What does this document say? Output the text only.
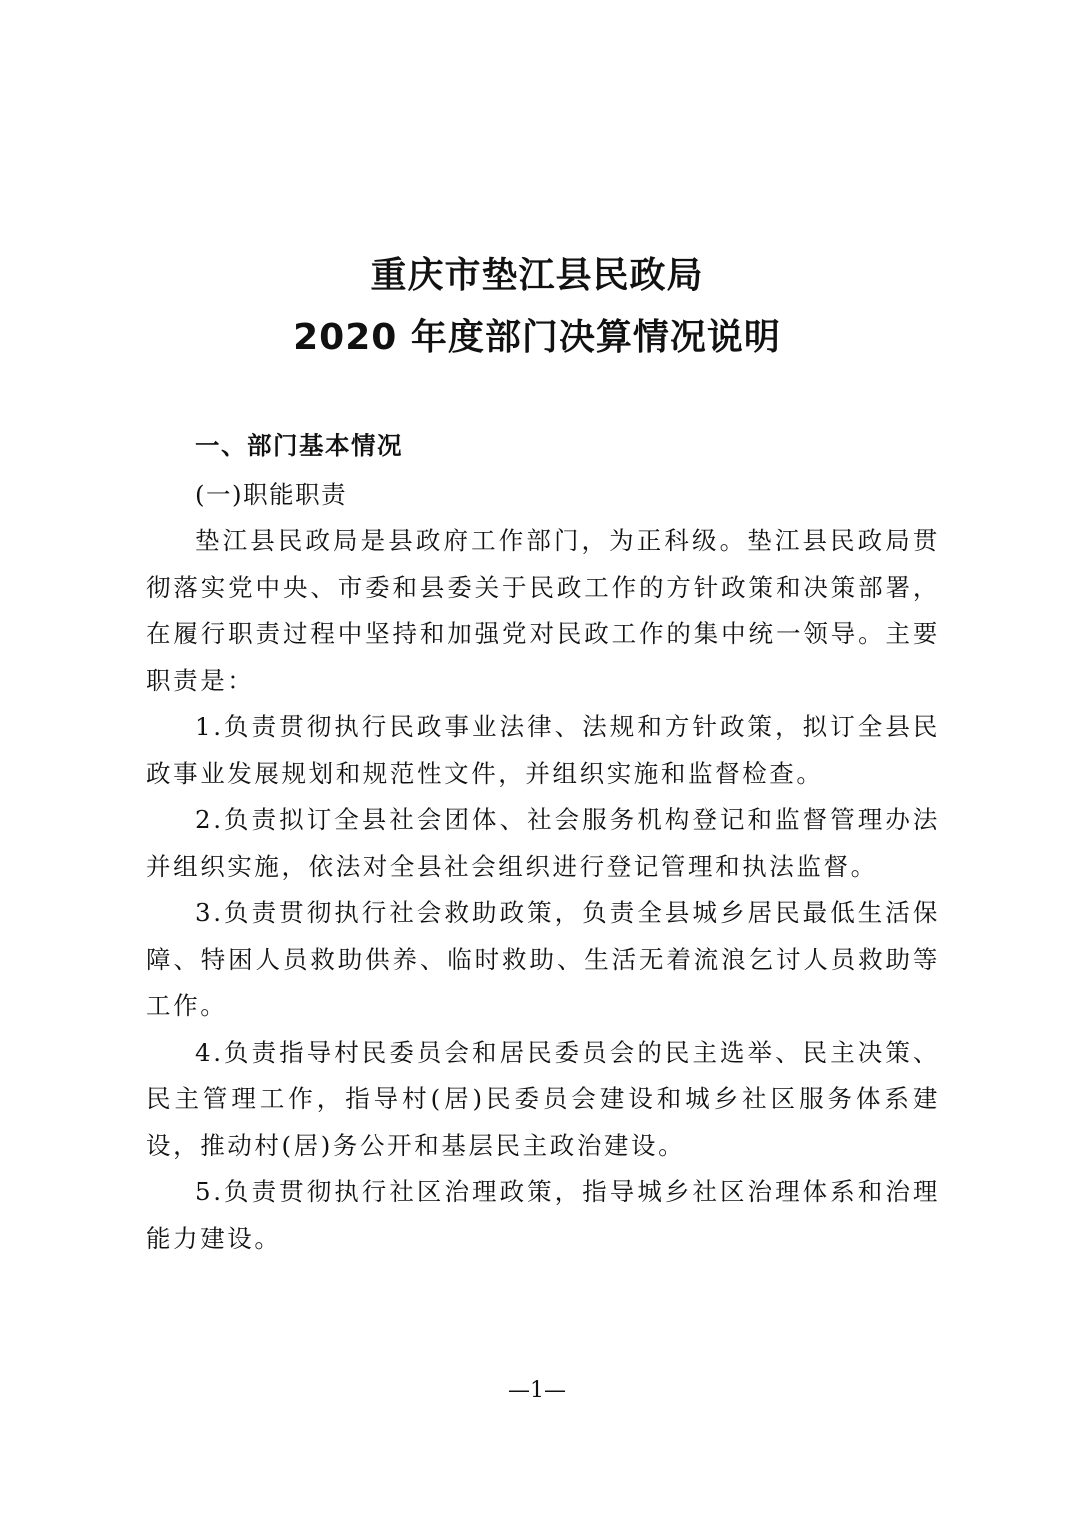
重庆市垫江县民政局
2020 年度部门决算情况说明

一、部门基本情况

(一)职能职责

垫江县民政局是县政府工作部门，为正科级。垫江县民政局贯彻落实党中央、市委和县委关于民政工作的方针政策和决策部署，在履行职责过程中坚持和加强党对民政工作的集中统一领导。主要职责是：

1.负责贯彻执行民政事业法律、法规和方针政策，拟订全县民政事业发展规划和规范性文件，并组织实施和监督检查。

2.负责拟订全县社会团体、社会服务机构登记和监督管理办法并组织实施，依法对全县社会组织进行登记管理和执法监督。

3.负责贯彻执行社会救助政策，负责全县城乡居民最低生活保障、特困人员救助供养、临时救助、生活无着流浪乞讨人员救助等工作。

4.负责指导村民委员会和居民委员会的民主选举、民主决策、民主管理工作，指导村(居)民委员会建设和城乡社区服务体系建设，推动村(居)务公开和基层民主政治建设。

5.负责贯彻执行社区治理政策，指导城乡社区治理体系和治理能力建设。

—1—
